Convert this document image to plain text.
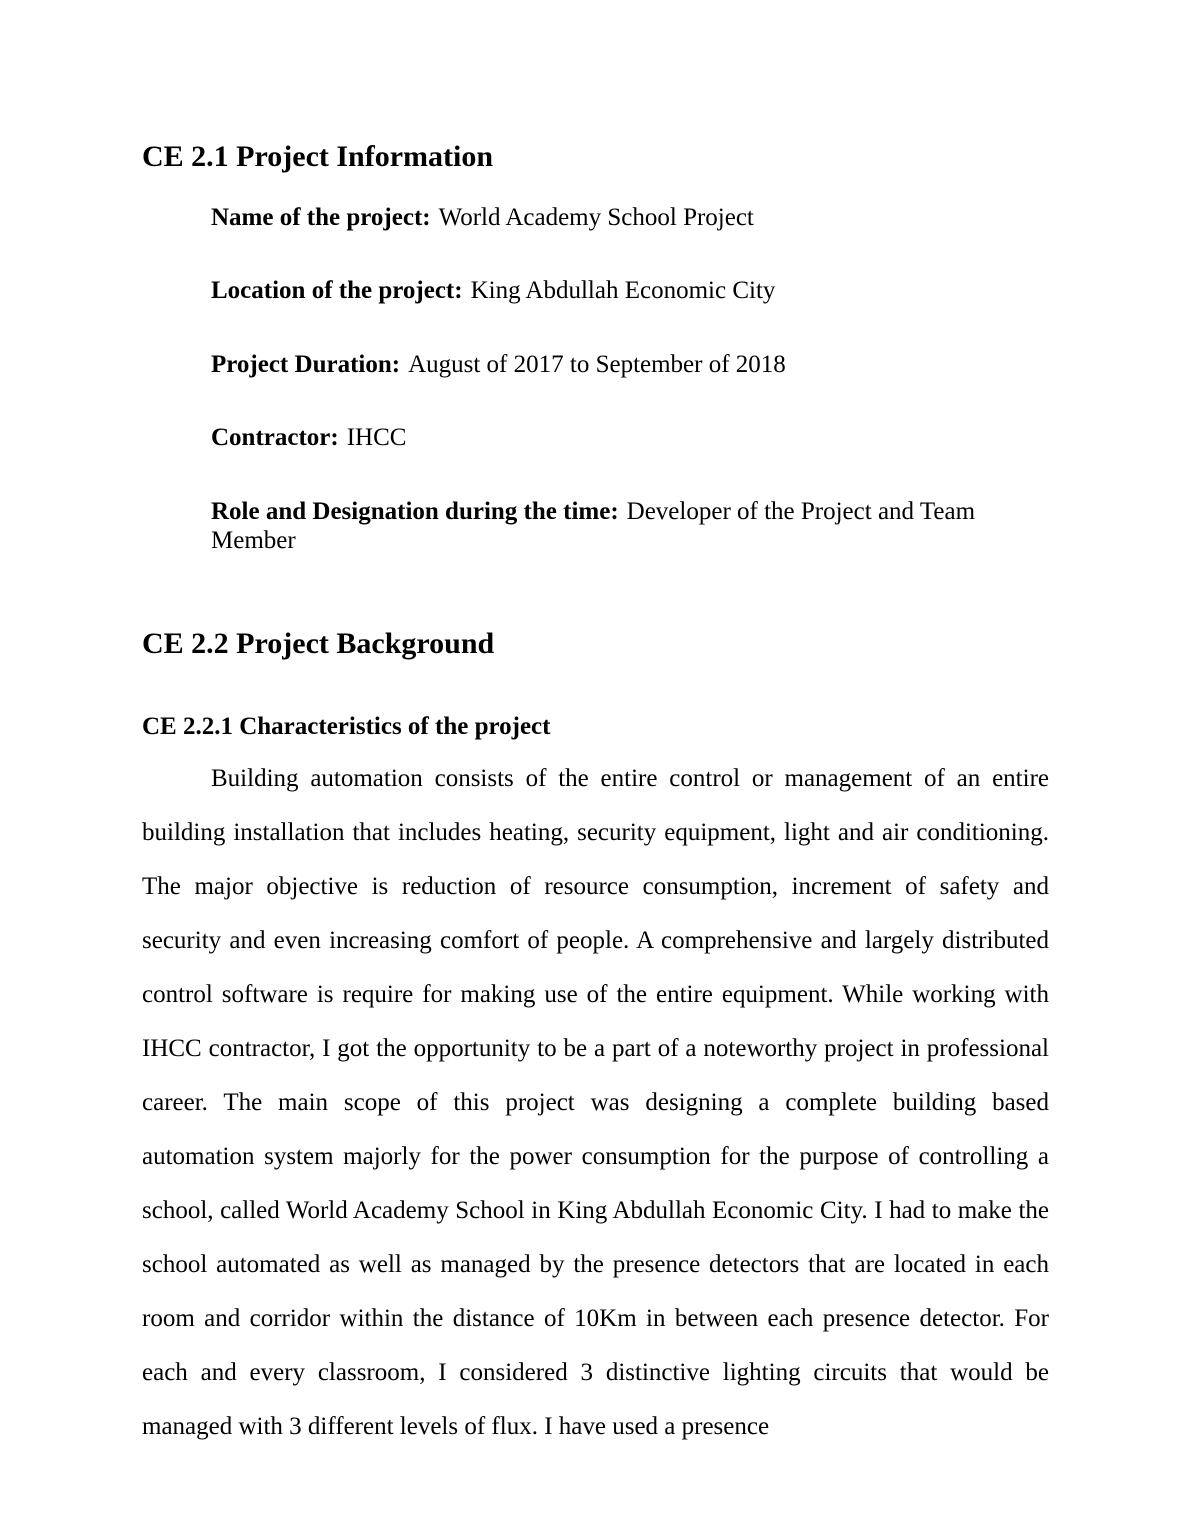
CE 2.1 Project Information

Name of the project: World Academy School Project

Location of the project: King Abdullah Economic City

Project Duration: August of 2017 to September of 2018

Contractor: IHCC

Role and Designation during the time: Developer of the Project and Team Member

CE 2.2 Project Background
CE 2.2.1 Characteristics of the project

Building automation consists of the entire control or management of an entire building installation that includes heating, security equipment, light and air conditioning. The major objective is reduction of resource consumption, increment of safety and security and even increasing comfort of people. A comprehensive and largely distributed control software is require for making use of the entire equipment. While working with IHCC contractor, I got the opportunity to be a part of a noteworthy project in professional career. The main scope of this project was designing a complete building based automation system majorly for the power consumption for the purpose of controlling a school, called World Academy School in King Abdullah Economic City. I had to make the school automated as well as managed by the presence detectors that are located in each room and corridor within the distance of 10Km in between each presence detector. For each and every classroom, I considered 3 distinctive lighting circuits that would be managed with 3 different levels of flux. I have used a presence
